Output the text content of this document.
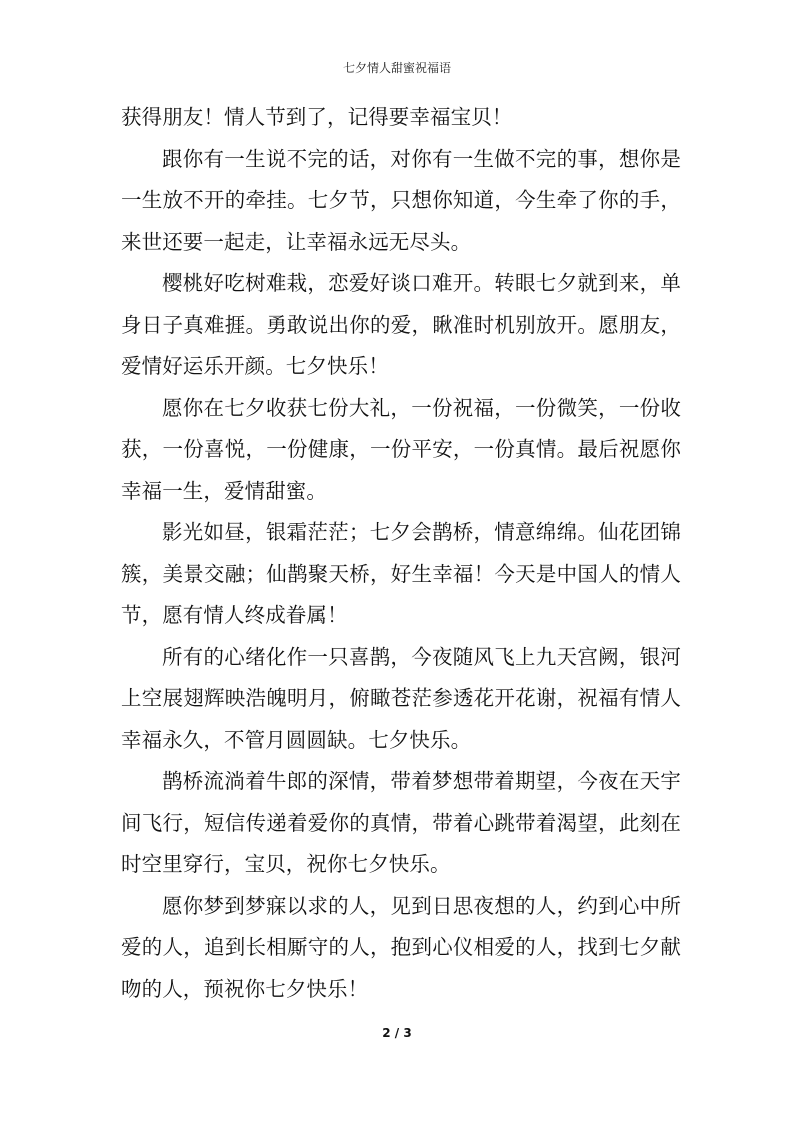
七夕情人甜蜜祝福语

获得朋友！情人节到了，记得要幸福宝贝！

跟你有一生说不完的话，对你有一生做不完的事，想你是一生放不开的牵挂。七夕节，只想你知道，今生牵了你的手，来世还要一起走，让幸福永远无尽头。

樱桃好吃树难栽，恋爱好谈口难开。转眼七夕就到来，单身日子真难捱。勇敢说出你的爱，瞅准时机别放开。愿朋友，爱情好运乐开颜。七夕快乐！

愿你在七夕收获七份大礼，一份祝福，一份微笑，一份收获，一份喜悦，一份健康，一份平安，一份真情。最后祝愿你幸福一生，爱情甜蜜。

影光如昼，银霜茫茫；七夕会鹊桥，情意绵绵。仙花团锦簇，美景交融；仙鹊聚天桥，好生幸福！今天是中国人的情人节，愿有情人终成眷属！

所有的心绪化作一只喜鹊，今夜随风飞上九天宫阙，银河上空展翅辉映浩魄明月，俯瞰苍茫参透花开花谢，祝福有情人幸福永久，不管月圆圆缺。七夕快乐。

鹊桥流淌着牛郎的深情，带着梦想带着期望，今夜在天宇间飞行，短信传递着爱你的真情，带着心跳带着渴望，此刻在时空里穿行，宝贝，祝你七夕快乐。

愿你梦到梦寐以求的人，见到日思夜想的人，约到心中所爱的人，追到长相厮守的人，抱到心仪相爱的人，找到七夕献吻的人，预祝你七夕快乐！

2 / 3
